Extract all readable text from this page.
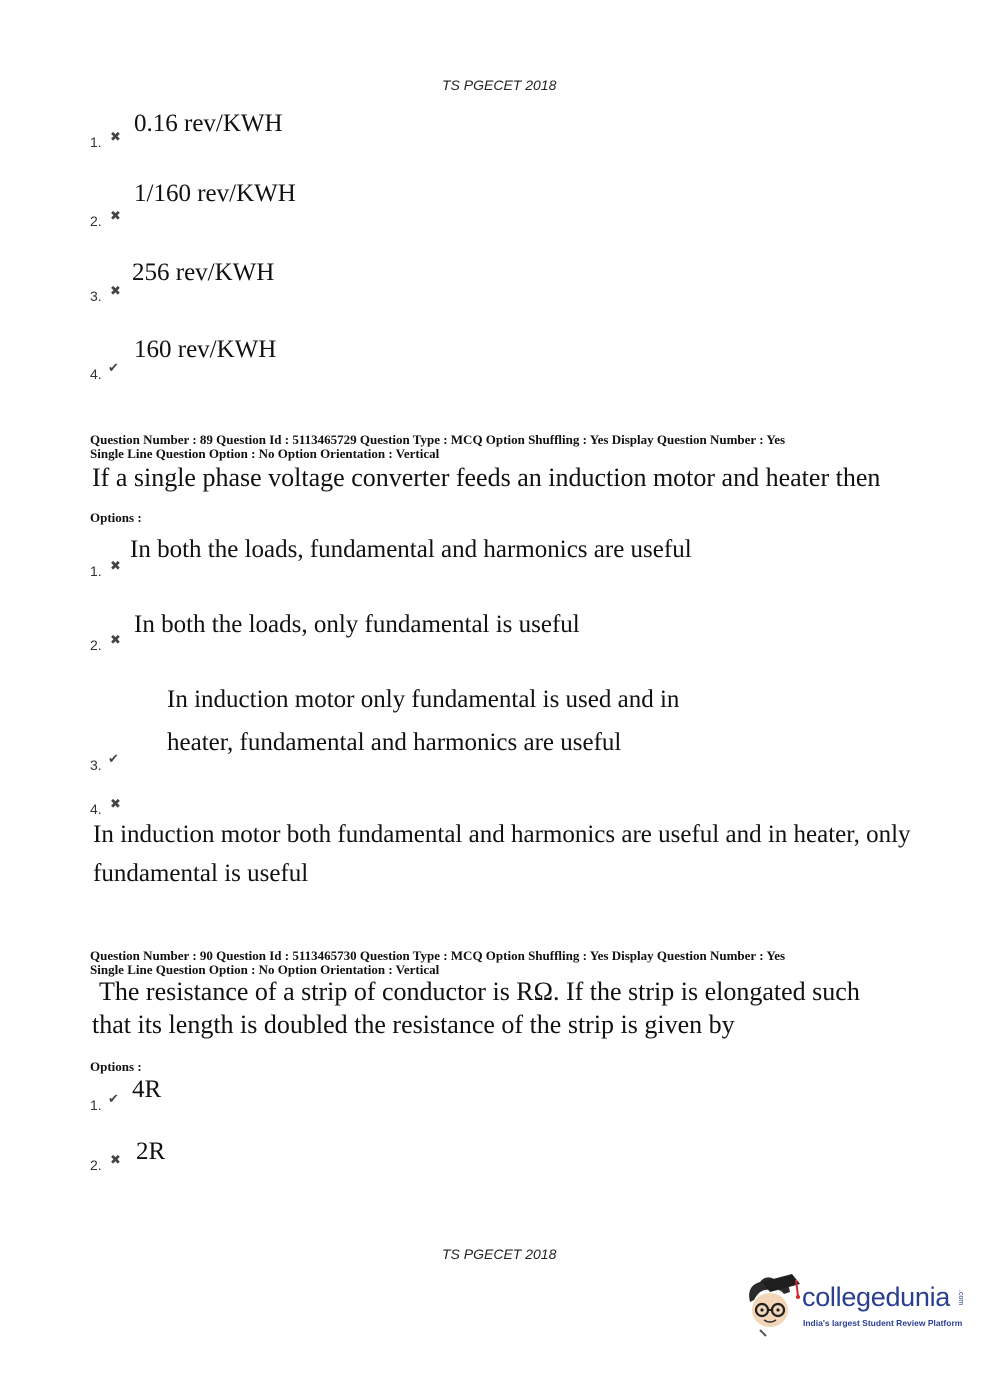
TS PGECET 2018
1. ✖
0.16 rev/KWH
2. ✖
1/160 rev/KWH
3. ✖
256 rev/KWH
4. ✔
160 rev/KWH
Question Number : 89 Question Id : 5113465729 Question Type : MCQ Option Shuffling : Yes Display Question Number : Yes
Single Line Question Option : No Option Orientation : Vertical
If a single phase voltage converter feeds an induction motor and heater then
Options :
1. ✖
In both the loads, fundamental and harmonics are useful
2. ✖
In both the loads, only fundamental is useful
In induction motor only fundamental is used and in
heater, fundamental and harmonics are useful
3. ✔
4. ✖
In induction motor both fundamental and harmonics are useful and in heater, only
fundamental is useful
Question Number : 90 Question Id : 5113465730 Question Type : MCQ Option Shuffling : Yes Display Question Number : Yes
Single Line Question Option : No Option Orientation : Vertical
The resistance of a strip of conductor is RΩ. If the strip is elongated such
that its length is doubled the resistance of the strip is given by
Options :
1. ✔ 4R
2. ✖ 2R
TS PGECET 2018
collegedunia .com
India's largest Student Review Platform
